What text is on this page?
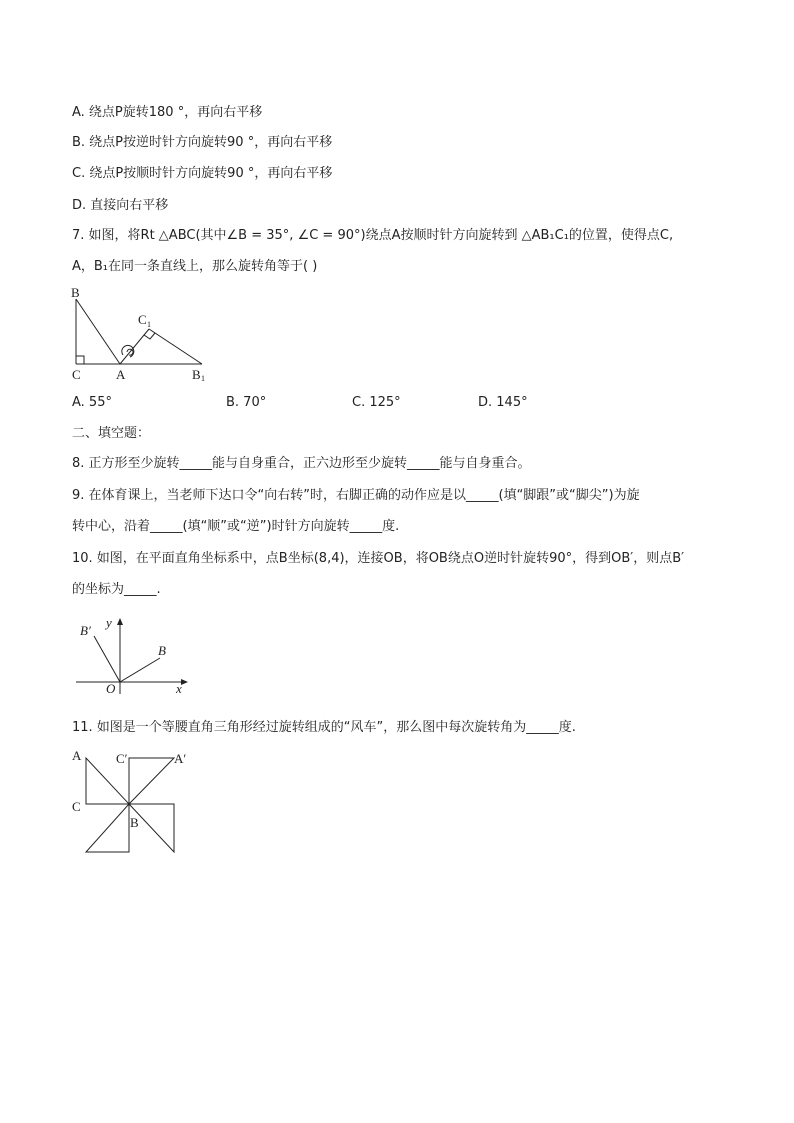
A. 绕点P旋转180 °，再向右平移
B. 绕点P按逆时针方向旋转90 °，再向右平移
C. 绕点P按顺时针方向旋转90 °，再向右平移
D. 直接向右平移
7. 如图，将Rt △ABC(其中∠B = 35°, ∠C = 90°)绕点A按顺时针方向旋转到 △AB₁C₁的位置，使得点C,
A，B₁在同一条直线上，那么旋转角等于( )
B
C	A
C 1
B 1
A. 55°	B. 70°	C. 125°	D. 145°
二、填空题：
8. 正方形至少旋转_____能与自身重合，正六边形至少旋转_____能与自身重合。
9. 在体育课上，当老师下达口令“向右转”时，右脚正确的动作应是以_____(填“脚跟”或“脚尖”)为旋
转中心，沿着_____(填“顺”或“逆”)时针方向旋转_____度.
10. 如图，在平面直角坐标系中，点B坐标(8,4)，连接OB，将OB绕点O逆时针旋转90°，得到OB′，则点B′
的坐标为_____.
B′
y
B
O	x
11. 如图是一个等腰直角三角形经过旋转组成的“风车”，那么图中每次旋转角为_____度.
A	C′	A′
C
B
